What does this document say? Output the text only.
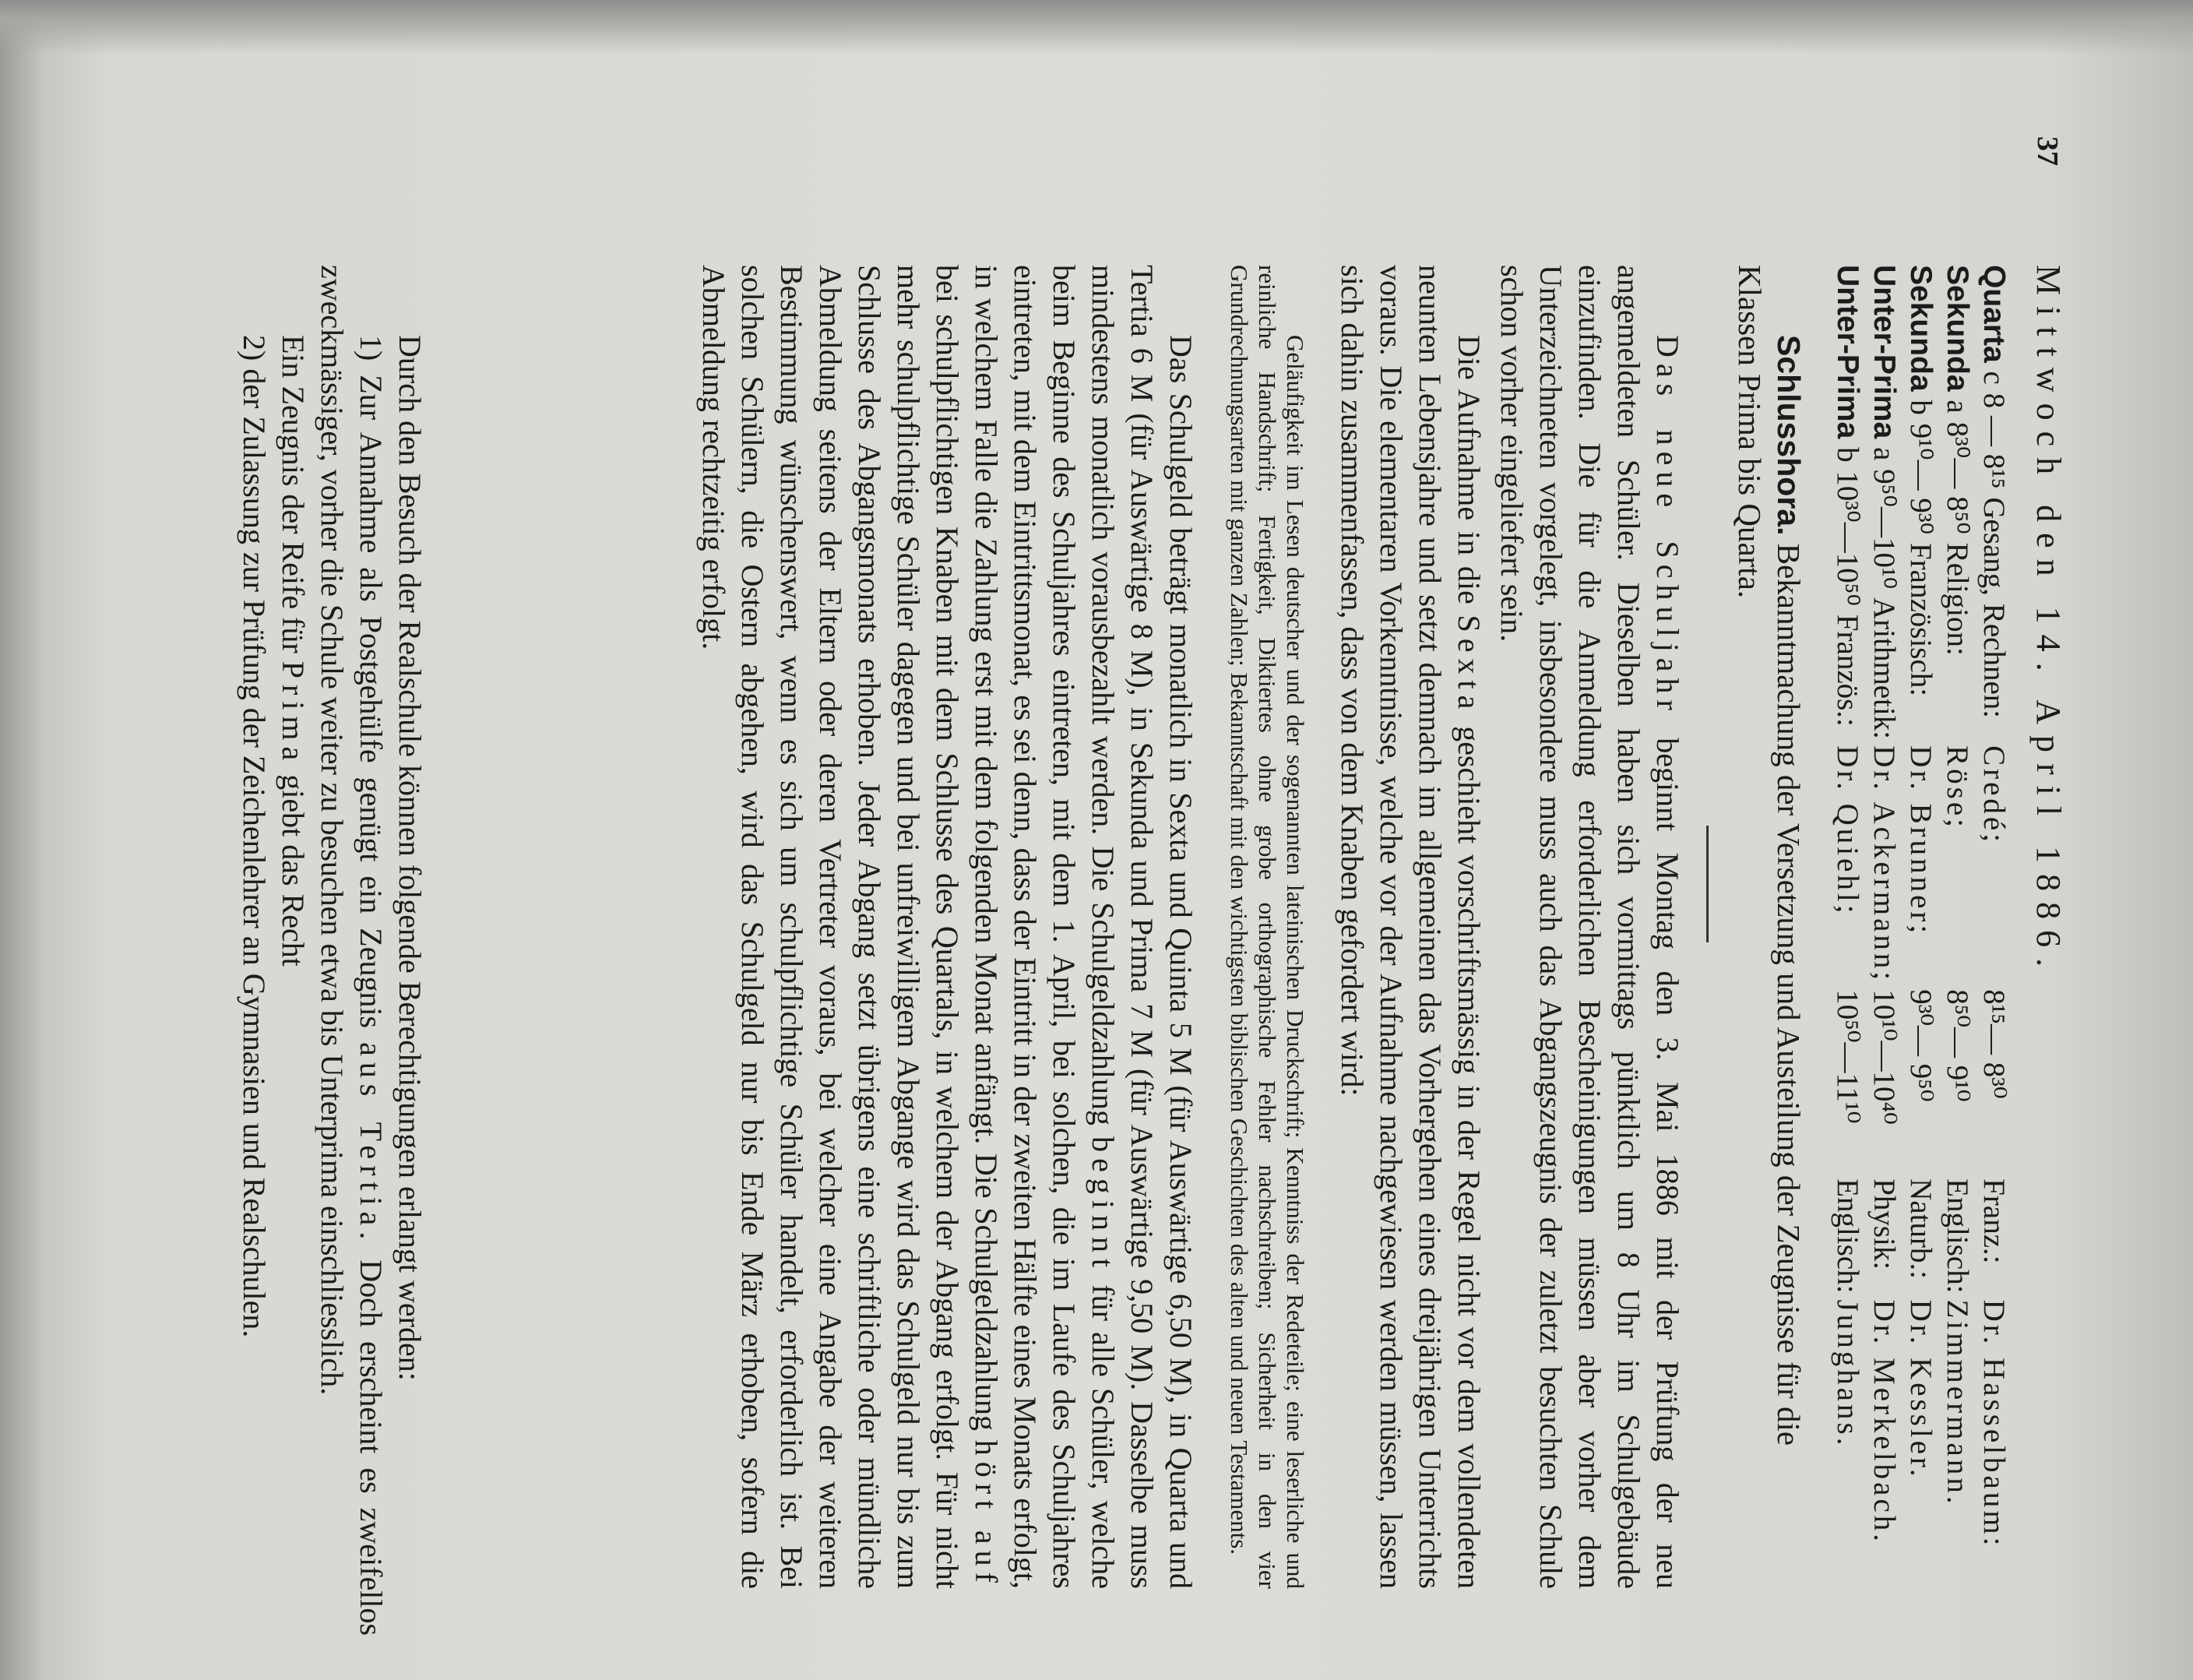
37
Mittwoch den 14. April 1886.
Quarta c 8 — 8¹⁵ Gesang, Rechnen:	Credé;	8¹⁵— 8³⁰	Franz.:	Dr. Hasselbaum:
Sekunda a 8³⁰— 8⁵⁰ Religion:	Röse;	8⁵⁰— 9¹⁰	Englisch:	Zimmermann.
Sekunda b 9¹⁰— 9³⁰ Französisch:	Dr. Brunner;	9³⁰— 9⁵⁰	Naturb.:	Dr. Kessler.
Unter-Prima a 9⁵⁰—10¹⁰ Arithmetik:	Dr. Ackermann;	10¹⁰—10⁴⁰	Physik:	Dr. Merkelbach.
Unter-Prima b 10³⁰—10⁵⁰ Französ.:	Dr. Quiehl;	10⁵⁰—11¹⁰	Englisch:	Junghans.
Schlusshora. Bekanntmachung der Versetzung und Austeilung der Zeugnisse für die
Klassen Prima bis Quarta.
Das neue Schuljahr beginnt Montag den 3. Mai 1886 mit der Prüfung der neu angemeldeten Schüler. Dieselben haben sich vormittags pünktlich um 8 Uhr im Schulgebäude einzufinden. Die für die Anmeldung erforderlichen Bescheinigungen müssen aber vorher dem Unterzeichneten vorgelegt, insbesondere muss auch das Abgangszeugnis der zuletzt besuchten Schule schon vorher eingeliefert sein.
Die Aufnahme in die Sexta geschieht vorschriftsmässig in der Regel nicht vor dem vollendeten neunten Lebensjahre und setzt demnach im allgemeinen das Vorhergehen eines dreijährigen Unterrichts voraus. Die elementaren Vorkenntnisse, welche vor der Aufnahme nachgewiesen werden müssen, lassen sich dahin zusammenfassen, dass von dem Knaben gefordert wird:
Geläufigkeit im Lesen deutscher und der sogenannten lateinischen Druckschrift; Kenntniss der Redeteile; eine leserliche und reinliche Handschrift; Fertigkeit, Diktiertes ohne grobe orthographische Fehler nachschreiben; Sicherheit in den vier Grundrechnungsarten mit ganzen Zahlen; Bekanntschaft mit den wichtigsten biblischen Geschichten des alten und neuen Testaments.
Das Schulgeld beträgt monatlich in Sexta und Quinta 5 M (für Auswärtige 6,50 M), in Quarta und Tertia 6 M (für Auswärtige 8 M), in Sekunda und Prima 7 M (für Auswärtige 9,50 M). Dasselbe muss mindestens monatlich vorausbezahlt werden. Die Schulgeldzahlung beginnt für alle Schüler, welche beim Beginne des Schuljahres eintreten, mit dem 1. April, bei solchen, die im Laufe des Schuljahres eintreten, mit dem Eintrittsmonat, es sei denn, dass der Eintritt in der zweiten Hälfte eines Monats erfolgt, in welchem Falle die Zahlung erst mit dem folgenden Monat anfängt. Die Schulgeldzahlung hört auf bei schulpflichtigen Knaben mit dem Schlusse des Quartals, in welchem der Abgang erfolgt. Für nicht mehr schulpflichtige Schüler dagegen und bei unfreiwilligem Abgange wird das Schulgeld nur bis zum Schlusse des Abgangsmonats erhoben. Jeder Abgang setzt übrigens eine schriftliche oder mündliche Abmeldung seitens der Eltern oder deren Vertreter voraus, bei welcher eine Angabe der weiteren Bestimmung wünschenswert, wenn es sich um schulpflichtige Schüler handelt, erforderlich ist. Bei solchen Schülern, die Ostern abgehen, wird das Schulgeld nur bis Ende März erhoben, sofern die Abmeldung rechtzeitig erfolgt.
Durch den Besuch der Realschule können folgende Berechtigungen erlangt werden:
1) Zur Annahme als Postgehülfe genügt ein Zeugnis aus Tertia. Doch erscheint es zweifellos zweckmässiger, vorher die Schule weiter zu besuchen etwa bis Unterprima einschliesslich.
Ein Zeugnis der Reife für Prima giebt das Recht
2) der Zulassung zur Prüfung der Zeichenlehrer an Gymnasien und Realschulen.
